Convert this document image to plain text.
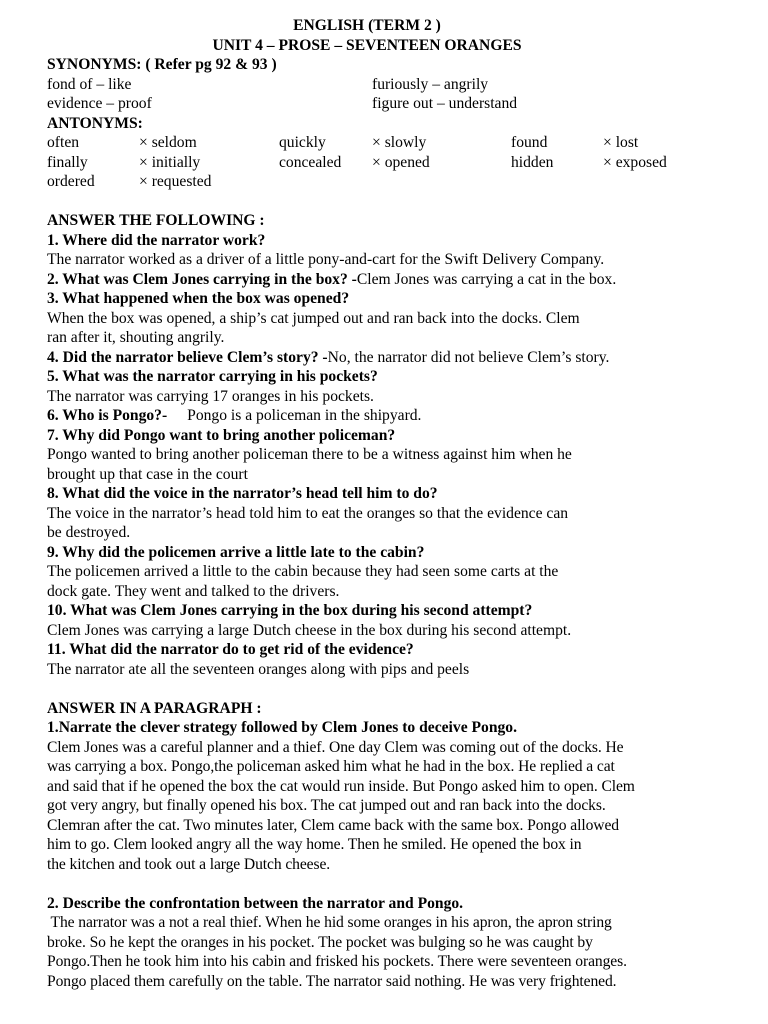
ENGLISH (TERM 2 )
UNIT 4 – PROSE – SEVENTEEN ORANGES
SYNONYMS: ( Refer pg 92 & 93 )
fond of – like	furiously – angrily
evidence – proof	figure out – understand
ANTONYMS:
often	× seldom	quickly	× slowly	found	× lost
finally	× initially	concealed	× opened	hidden	× exposed
ordered	× requested
ANSWER THE FOLLOWING :
1. Where did the narrator work?
The narrator worked as a driver of a little pony-and-cart for the Swift Delivery Company.
2. What was Clem Jones carrying in the box? -Clem Jones was carrying a cat in the box.
3. What happened when the box was opened?
When the box was opened, a ship’s cat jumped out and ran back into the docks. Clem
ran after it, shouting angrily.
4. Did the narrator believe Clem’s story? -No, the narrator did not believe Clem’s story.
5. What was the narrator carrying in his pockets?
The narrator was carrying 17 oranges in his pockets.
6. Who is Pongo?- Pongo is a policeman in the shipyard.
7. Why did Pongo want to bring another policeman?
Pongo wanted to bring another policeman there to be a witness against him when he
brought up that case in the court
8. What did the voice in the narrator’s head tell him to do?
The voice in the narrator’s head told him to eat the oranges so that the evidence can
be destroyed.
9. Why did the policemen arrive a little late to the cabin?
The policemen arrived a little to the cabin because they had seen some carts at the
dock gate. They went and talked to the drivers.
10. What was Clem Jones carrying in the box during his second attempt?
Clem Jones was carrying a large Dutch cheese in the box during his second attempt.
11. What did the narrator do to get rid of the evidence?
The narrator ate all the seventeen oranges along with pips and peels
ANSWER IN A PARAGRAPH :
1.Narrate the clever strategy followed by Clem Jones to deceive Pongo.
Clem Jones was a careful planner and a thief. One day Clem was coming out of the docks. He
was carrying a box. Pongo,the policeman asked him what he had in the box. He replied a cat
and said that if he opened the box the cat would run inside. But Pongo asked him to open. Clem
got very angry, but finally opened his box. The cat jumped out and ran back into the docks.
Clemran after the cat. Two minutes later, Clem came back with the same box. Pongo allowed
him to go. Clem looked angry all the way home. Then he smiled. He opened the box in
the kitchen and took out a large Dutch cheese.
2. Describe the confrontation between the narrator and Pongo.
The narrator was a not a real thief. When he hid some oranges in his apron, the apron string
broke. So he kept the oranges in his pocket. The pocket was bulging so he was caught by
Pongo.Then he took him into his cabin and frisked his pockets. There were seventeen oranges.
Pongo placed them carefully on the table. The narrator said nothing. He was very frightened.
